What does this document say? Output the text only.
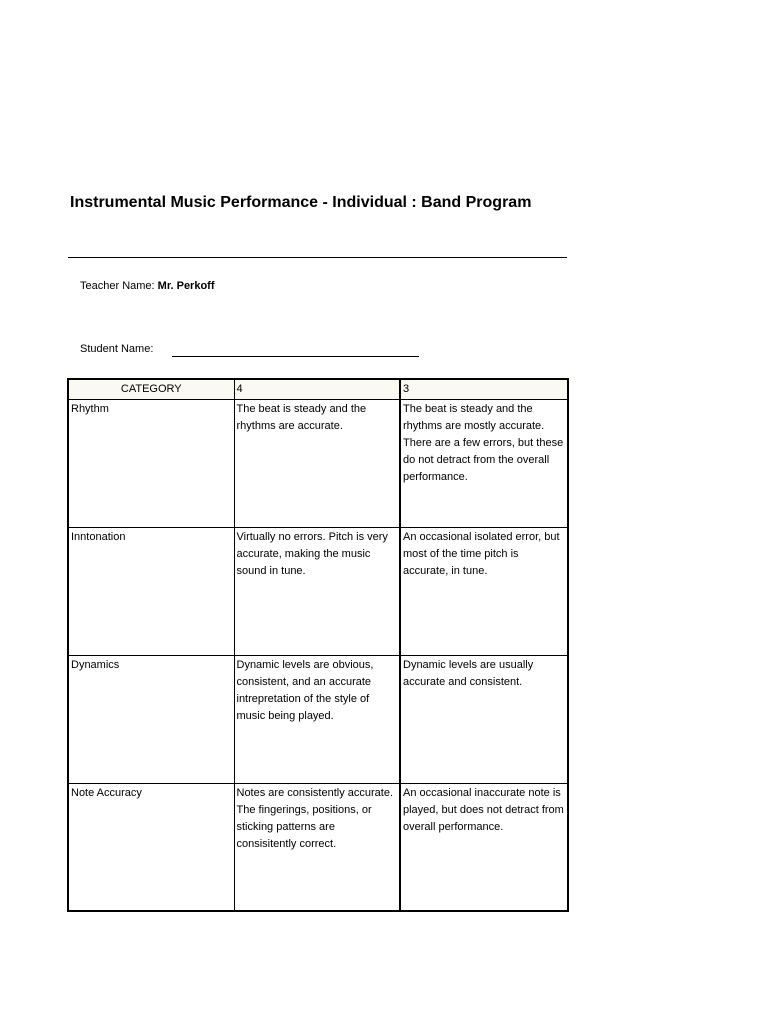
Instrumental Music Performance - Individual : Band Program
Teacher Name: Mr. Perkoff
Student Name:
CATEGORY	4	3
Rhythm	The beat is steady and the rhythms are accurate.	The beat is steady and the rhythms are mostly accurate. There are a few errors, but these do not detract from the overall performance.
Inntonation	Virtually no errors. Pitch is very accurate, making the music sound in tune.	An occasional isolated error, but most of the time pitch is accurate, in tune.
Dynamics	Dynamic levels are obvious, consistent, and an accurate intrepretation of the style of music being played.	Dynamic levels are usually accurate and consistent.
Note Accuracy	Notes are consistently accurate. The fingerings, positions, or sticking patterns are consisitently correct.	An occasional inaccurate note is played, but does not detract from overall performance.
